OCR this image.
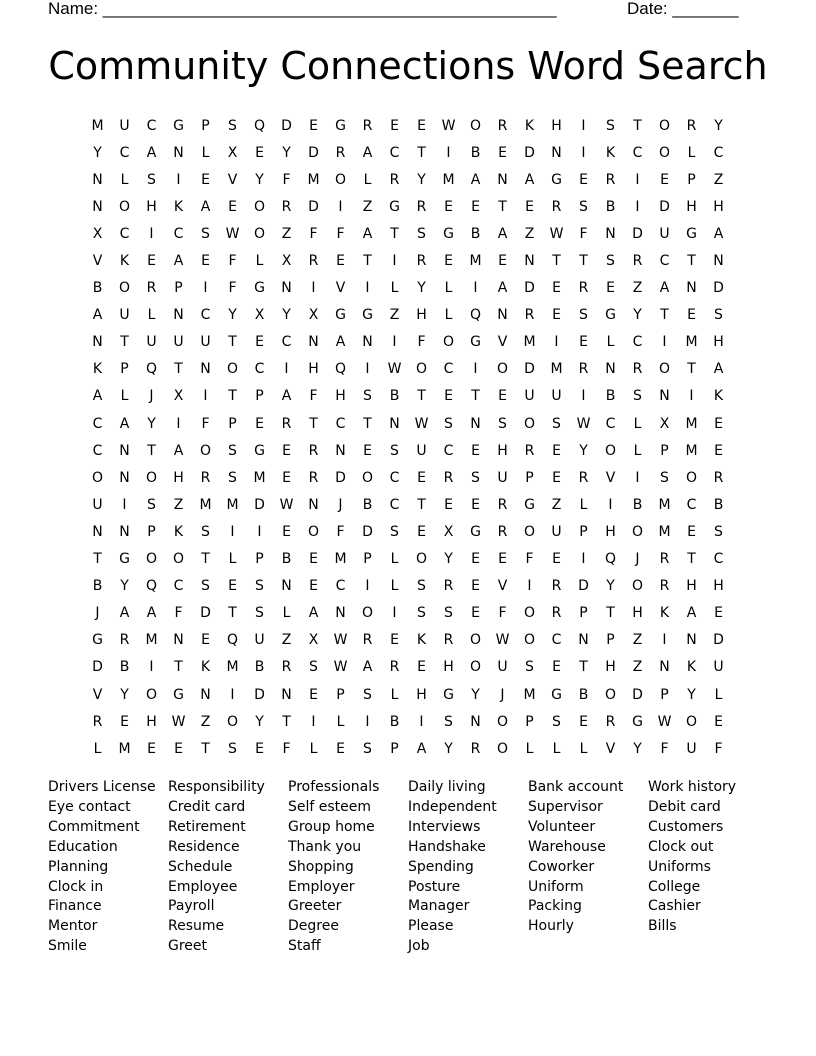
Name: ________________________________________________	Date: _______
Community Connections Word Search
M	U	C	G	P	S	Q	D	E	G	R	E	E	W	O	R	K	H	I	S	T	O	R	Y
Y	C	A	N	L	X	E	Y	D	R	A	C	T	I	B	E	D	N	I	K	C	O	L	C
N	L	S	I	E	V	Y	F	M	O	L	R	Y	M	A	N	A	G	E	R	I	E	P	Z
N	O	H	K	A	E	O	R	D	I	Z	G	R	E	E	T	E	R	S	B	I	D	H	H
X	C	I	C	S	W	O	Z	F	F	A	T	S	G	B	A	Z	W	F	N	D	U	G	A
V	K	E	A	E	F	L	X	R	E	T	I	R	E	M	E	N	T	T	S	R	C	T	N
B	O	R	P	I	F	G	N	I	V	I	L	Y	L	I	A	D	E	R	E	Z	A	N	D
A	U	L	N	C	Y	X	Y	X	G	G	Z	H	L	Q	N	R	E	S	G	Y	T	E	S
N	T	U	U	U	T	E	C	N	A	N	I	F	O	G	V	M	I	E	L	C	I	M	H
K	P	Q	T	N	O	C	I	H	Q	I	W	O	C	I	O	D	M	R	N	R	O	T	A
A	L	J	X	I	T	P	A	F	H	S	B	T	E	T	E	U	U	I	B	S	N	I	K
C	A	Y	I	F	P	E	R	T	C	T	N	W	S	N	S	O	S	W	C	L	X	M	E
C	N	T	A	O	S	G	E	R	N	E	S	U	C	E	H	R	E	Y	O	L	P	M	E
O	N	O	H	R	S	M	E	R	D	O	C	E	R	S	U	P	E	R	V	I	S	O	R
U	I	S	Z	M	M	D	W	N	J	B	C	T	E	E	R	G	Z	L	I	B	M	C	B
N	N	P	K	S	I	I	E	O	F	D	S	E	X	G	R	O	U	P	H	O	M	E	S
T	G	O	O	T	L	P	B	E	M	P	L	O	Y	E	E	F	E	I	Q	J	R	T	C
B	Y	Q	C	S	E	S	N	E	C	I	L	S	R	E	V	I	R	D	Y	O	R	H	H
J	A	A	F	D	T	S	L	A	N	O	I	S	S	E	F	O	R	P	T	H	K	A	E
G	R	M	N	E	Q	U	Z	X	W	R	E	K	R	O	W	O	C	N	P	Z	I	N	D
D	B	I	T	K	M	B	R	S	W	A	R	E	H	O	U	S	E	T	H	Z	N	K	U
V	Y	O	G	N	I	D	N	E	P	S	L	H	G	Y	J	M	G	B	O	D	P	Y	L
R	E	H	W	Z	O	Y	T	I	L	I	B	I	S	N	O	P	S	E	R	G	W	O	E
L	M	E	E	T	S	E	F	L	E	S	P	A	Y	R	O	L	L	L	V	Y	F	U	F
Drivers License
Eye contact
Commitment
Education
Planning
Clock in
Finance
Mentor
Smile
Responsibility
Credit card
Retirement
Residence
Schedule
Employee
Payroll
Resume
Greet
Professionals
Self esteem
Group home
Thank you
Shopping
Employer
Greeter
Degree
Staff
Daily living
Independent
Interviews
Handshake
Spending
Posture
Manager
Please
Job
Bank account
Supervisor
Volunteer
Warehouse
Coworker
Uniform
Packing
Hourly
Work history
Debit card
Customers
Clock out
Uniforms
College
Cashier
Bills
